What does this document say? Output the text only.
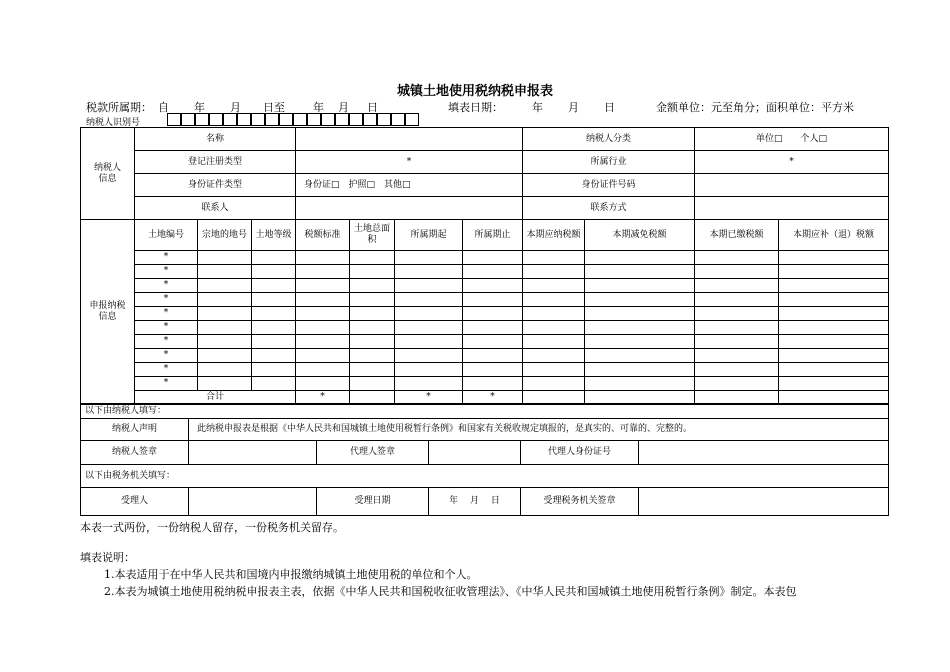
城镇土地使用税纳税申报表
税款所属期： 自 年 月 日至	年 月 日	填表日期：	年 月 日	金额单位：元至角分；面积单位：平方米
纳税人识别号
纳税人
信息	名称							纳税人分类		单位□　　个人□	
	登记注册类型			*				所属行业		*	
	身份证件类型			身份证□　护照□　其他□				身份证件号码			
	联系人							联系方式			
申报纳税
信息	土地编号	宗地的地号	土地等级	税额标准	土地总面积	所属期起	所属期止	本期应纳税额	本期减免税额	本期已缴税额	本期应补（退）税额
	*										
	*										
	*										
	*										
	*										
	*										
	*										
	*										
	*										
	*										
	合计			*		*	*				
以下由纳税人填写：					
纳税人声明	此纳税申报表是根据《中华人民共和国城镇土地使用税暂行条例》和国家有关税收规定填报的，是真实的、可靠的、完整的。				
纳税人签章		代理人签章		代理人身份证号	
以下由税务机关填写：					
受理人		受理日期	年　 月　 日	受理税务机关签章	
本表一式两份，一份纳税人留存，一份税务机关留存。
填表说明：
1.本表适用于在中华人民共和国境内申报缴纳城镇土地使用税的单位和个人。
2.本表为城镇土地使用税纳税申报表主表，依据《中华人民共和国税收征收管理法》、《中华人民共和国城镇土地使用税暂行条例》制定。本表包
